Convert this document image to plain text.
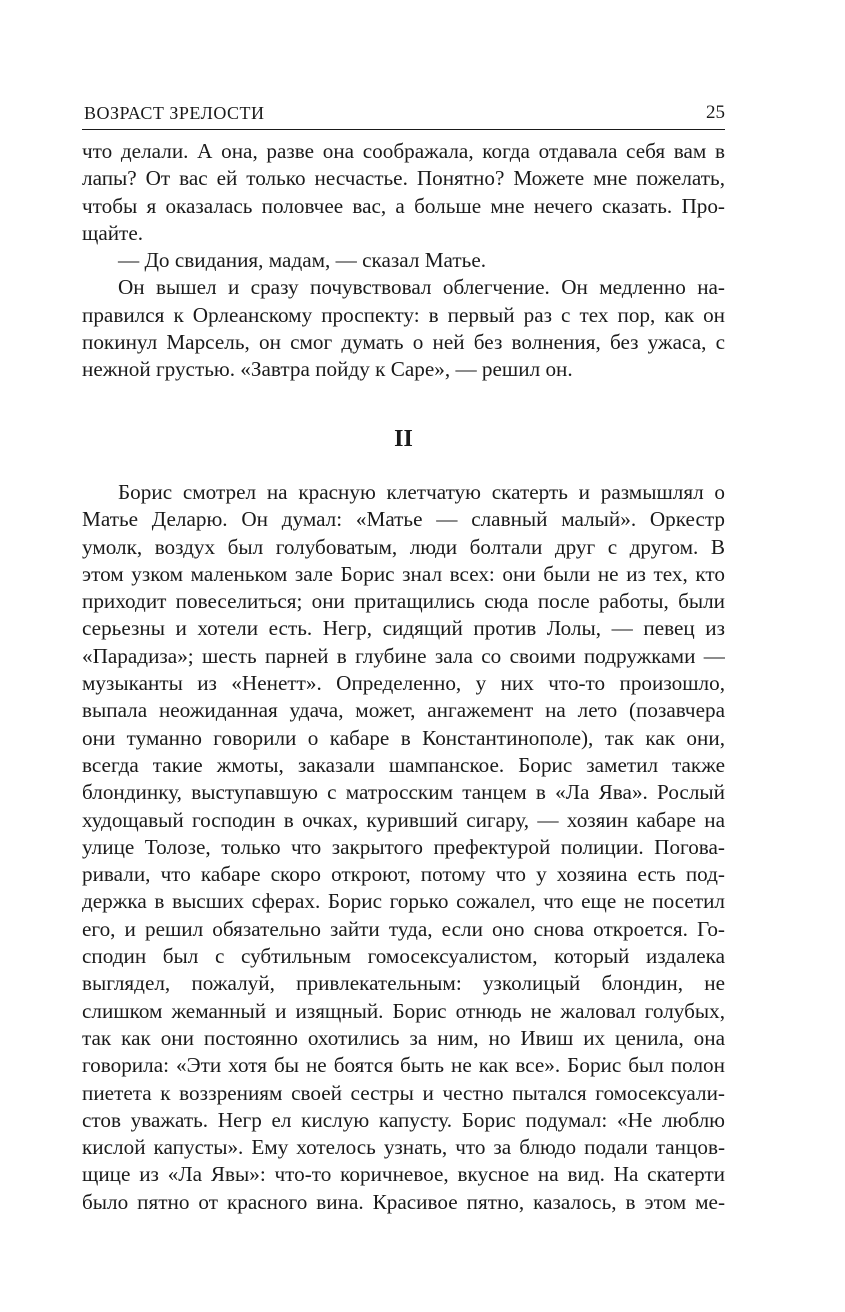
ВОЗРАСТ ЗРЕЛОСТИ	25
что делали. А она, разве она соображала, когда отдавала себя вам в
лапы? От вас ей только несчастье. Понятно? Можете мне пожелать,
чтобы я оказалась половчее вас, а больше мне нечего сказать. Про-
щайте.
— До свидания, мадам, — сказал Матье.
Он вышел и сразу почувствовал облегчение. Он медленно на-
правился к Орлеанскому проспекту: в первый раз с тех пор, как он
покинул Марсель, он смог думать о ней без волнения, без ужаса, с
нежной грустью. «Завтра пойду к Саре», — решил он.
II
Борис смотрел на красную клетчатую скатерть и размышлял о
Матье Деларю. Он думал: «Матье — славный малый». Оркестр
умолк, воздух был голубоватым, люди болтали друг с другом. В
этом узком маленьком зале Борис знал всех: они были не из тех, кто
приходит повеселиться; они притащились сюда после работы, были
серьезны и хотели есть. Негр, сидящий против Лолы, — певец из
«Парадиза»; шесть парней в глубине зала со своими подружками —
музыканты из «Ненетт». Определенно, у них что-то произошло,
выпала неожиданная удача, может, ангажемент на лето (позавчера
они туманно говорили о кабаре в Константинополе), так как они,
всегда такие жмоты, заказали шампанское. Борис заметил также
блондинку, выступавшую с матросским танцем в «Ла Ява». Рослый
худощавый господин в очках, куривший сигару, — хозяин кабаре на
улице Толозе, только что закрытого префектурой полиции. Погова-
ривали, что кабаре скоро откроют, потому что у хозяина есть под-
держка в высших сферах. Борис горько сожалел, что еще не посетил
его, и решил обязательно зайти туда, если оно снова откроется. Го-
сподин был с субтильным гомосексуалистом, который издалека
выглядел, пожалуй, привлекательным: узколицый блондин, не
слишком жеманный и изящный. Борис отнюдь не жаловал голубых,
так как они постоянно охотились за ним, но Ивиш их ценила, она
говорила: «Эти хотя бы не боятся быть не как все». Борис был полон
пиетета к воззрениям своей сестры и честно пытался гомосексуали-
стов уважать. Негр ел кислую капусту. Борис подумал: «Не люблю
кислой капусты». Ему хотелось узнать, что за блюдо подали танцов-
щице из «Ла Явы»: что-то коричневое, вкусное на вид. На скатерти
было пятно от красного вина. Красивое пятно, казалось, в этом ме-
